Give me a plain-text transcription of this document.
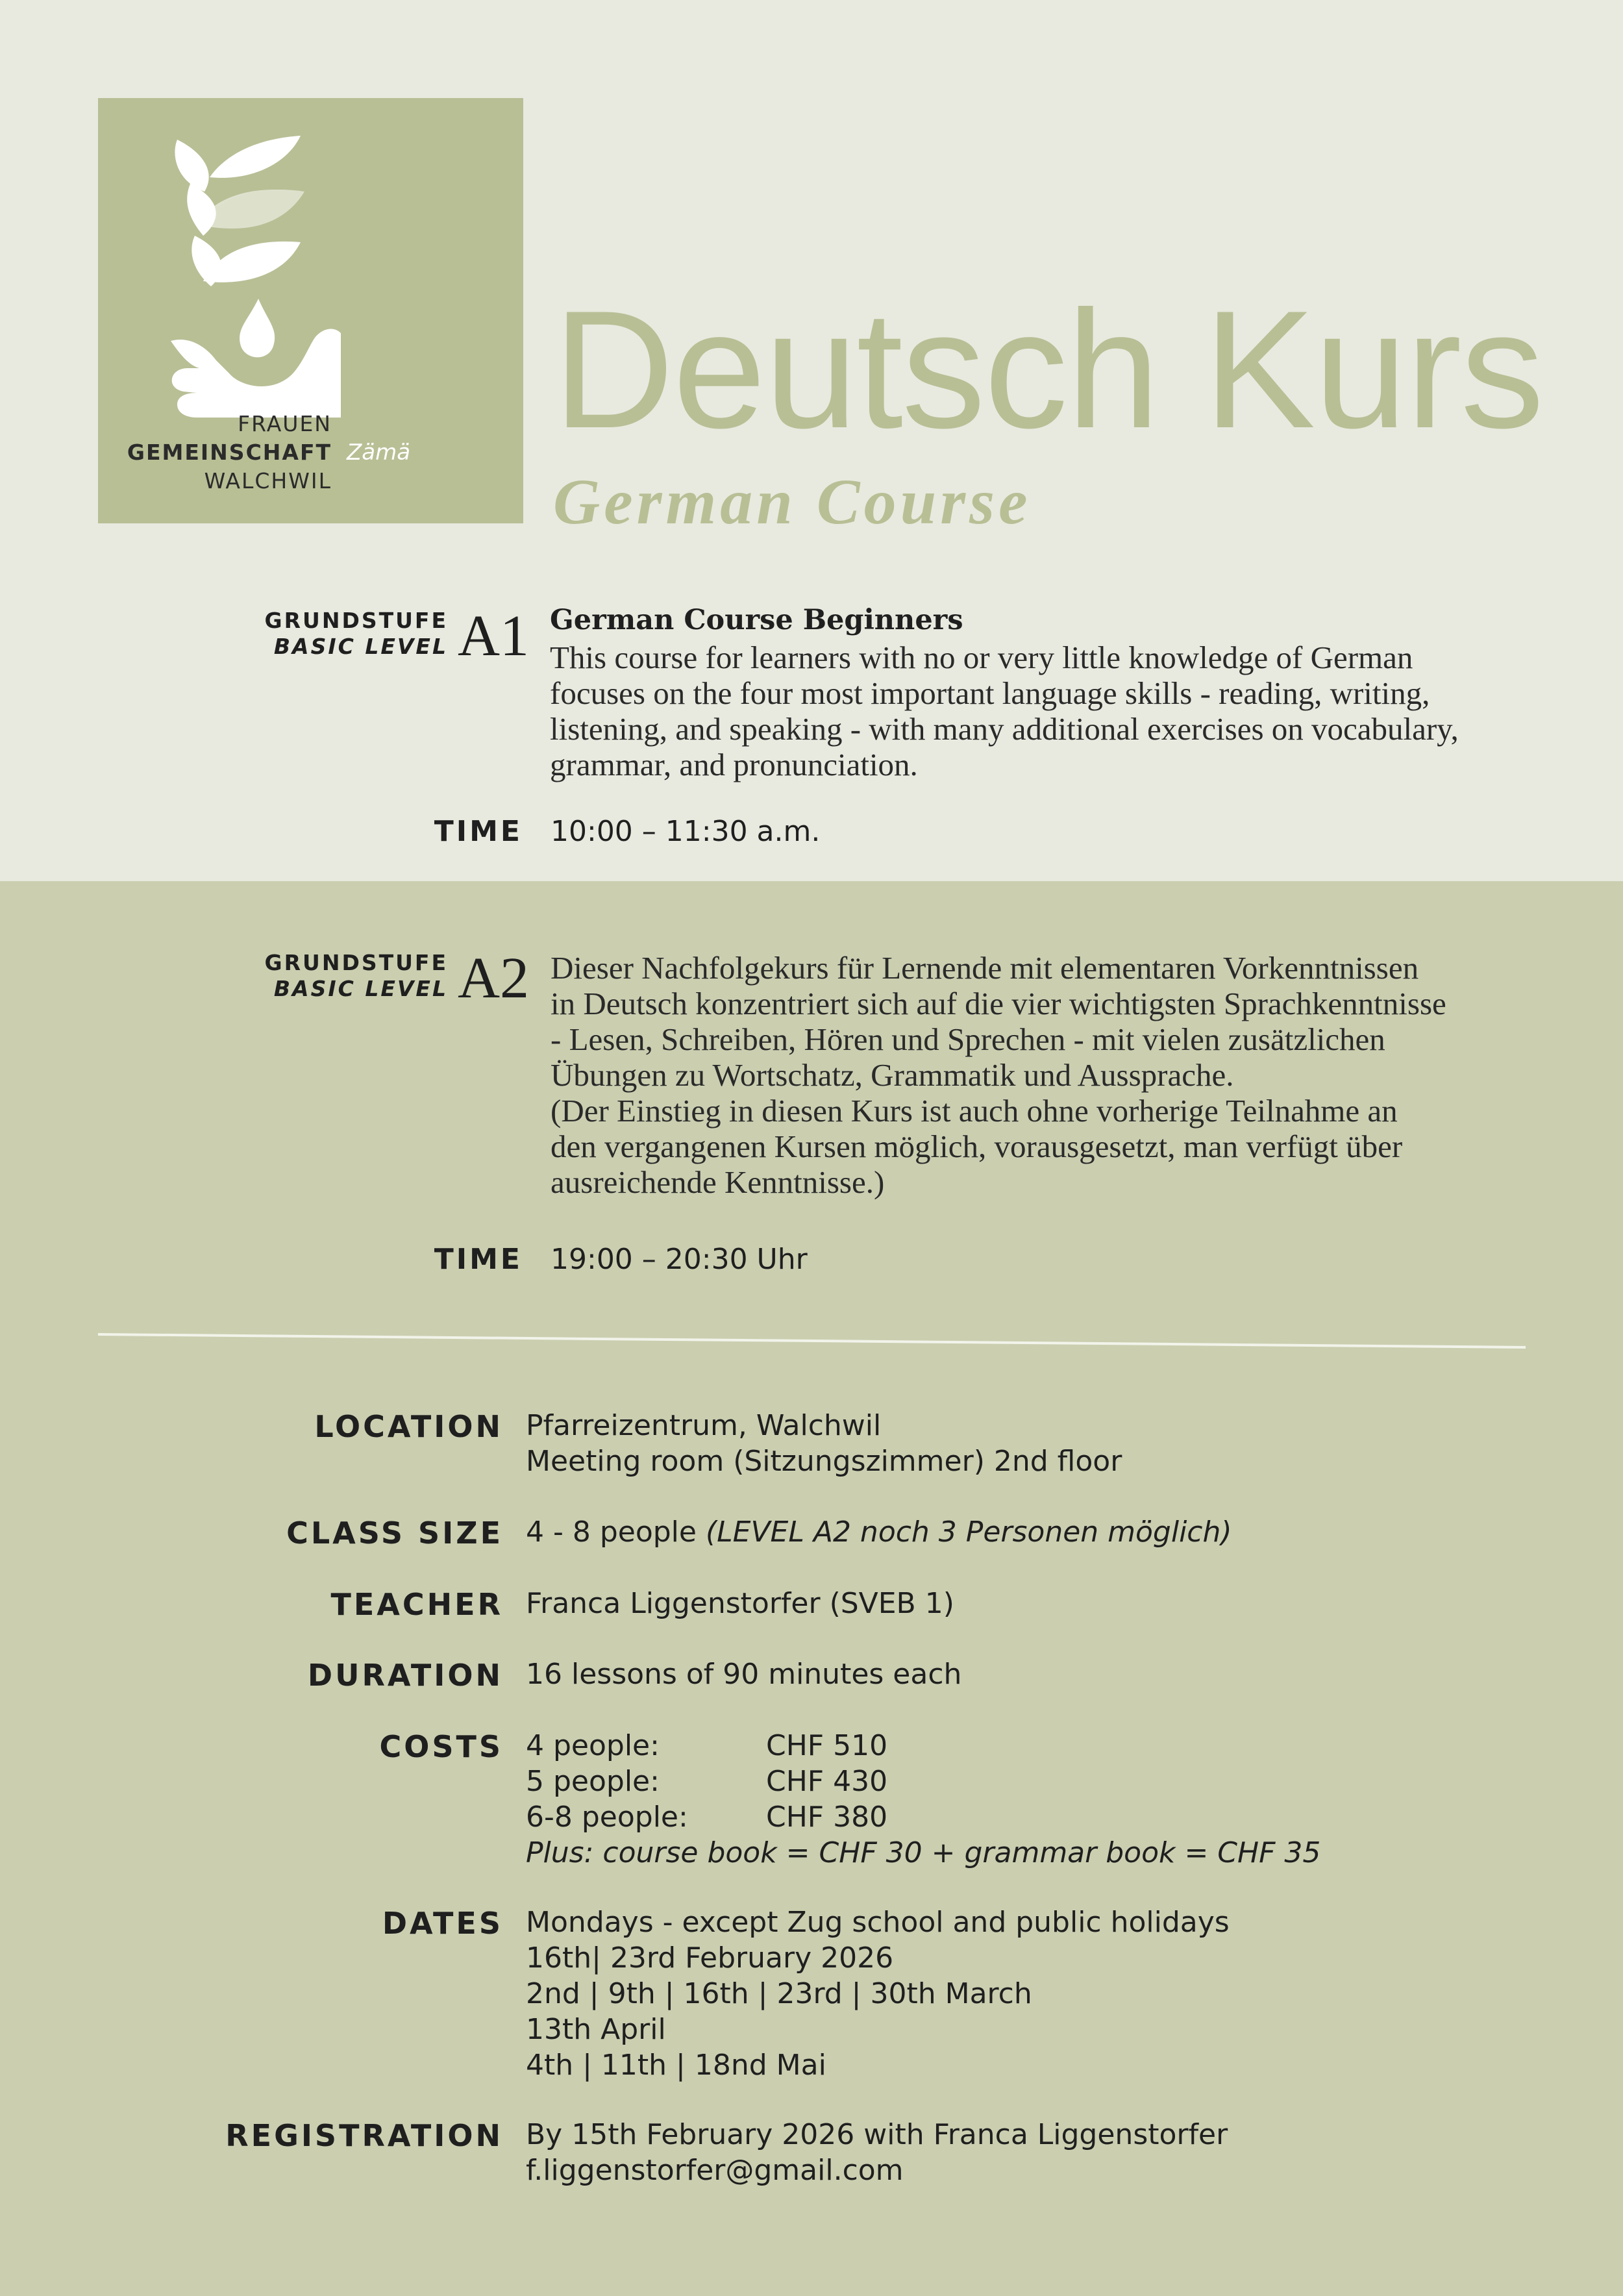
FRAUEN
GEMEINSCHAFT
WALCHWIL
Zämä Deutsch Kurs
German Course
GRUNDSTUFE
BASIC LEVEL A1 German Course Beginners
This course for learners with no or very little knowledge of German
focuses on the four most important language skills - reading, writing,
listening, and speaking - with many additional exercises on vocabulary,
grammar, and pronunciation.
TIME 10:00 – 11:30 a.m.
GRUNDSTUFE
BASIC LEVEL A2 Dieser Nachfolgekurs für Lernende mit elementaren Vorkenntnissen
in Deutsch konzentriert sich auf die vier wichtigsten Sprachkenntnisse
- Lesen, Schreiben, Hören und Sprechen - mit vielen zusätzlichen
Übungen zu Wortschatz, Grammatik und Aussprache.
(Der Einstieg in diesen Kurs ist auch ohne vorherige Teilnahme an
den vergangenen Kursen möglich, vorausgesetzt, man verfügt über
ausreichende Kenntnisse.)
TIME 19:00 – 20:30 Uhr
LOCATION Pfarreizentrum, Walchwil
Meeting room (Sitzungszimmer) 2nd floor
CLASS SIZE 4 - 8 people (LEVEL A2 noch 3 Personen möglich)
TEACHER Franca Liggenstorfer (SVEB 1)
DURATION 16 lessons of 90 minutes each
COSTS 4 people:	CHF 510
5 people:	CHF 430
6-8 people:	CHF 380
Plus: course book = CHF 30 + grammar book = CHF 35
DATES Mondays - except Zug school and public holidays
16th| 23rd February 2026
2nd | 9th | 16th | 23rd | 30th March
13th April
4th | 11th | 18nd Mai
REGISTRATION By 15th February 2026 with Franca Liggenstorfer
f.liggenstorfer@gmail.com
